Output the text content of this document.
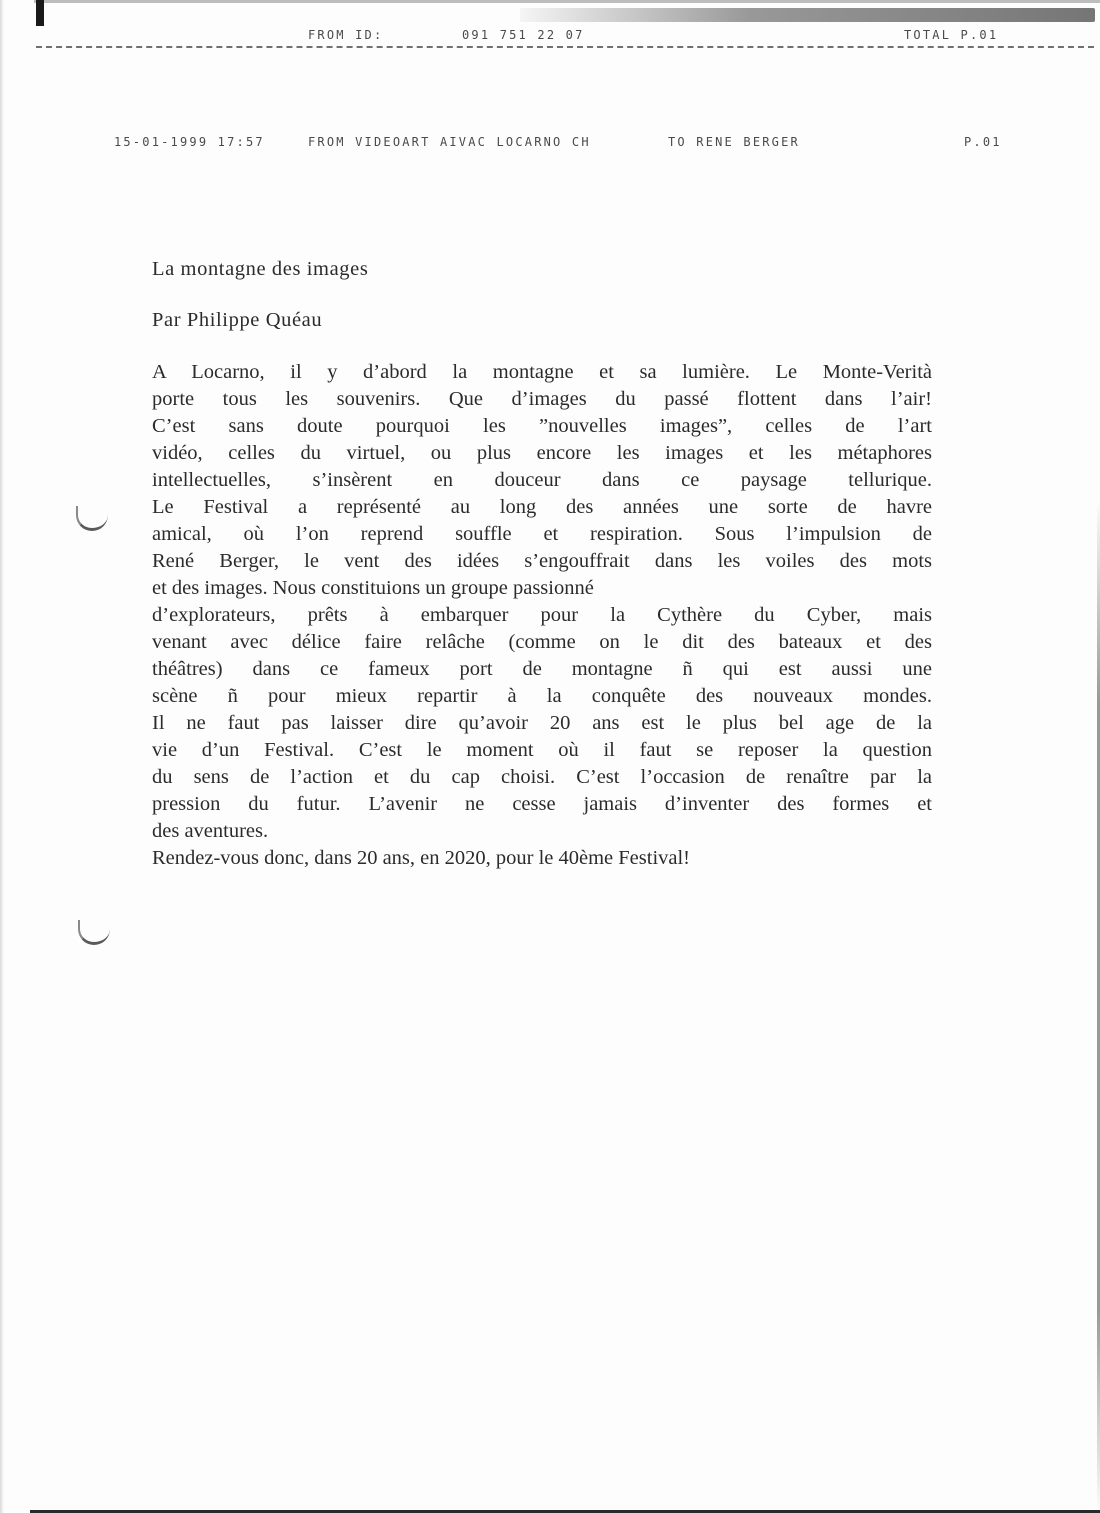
FROM ID:	091 751 22 07	TOTAL P.01
15-01-1999 17:57	FROM VIDEOART AIVAC LOCARNO CH	TO RENE BERGER	P.01
La montagne des images
Par Philippe Quéau
A Locarno, il y d’abord la montagne et sa lumière. Le Monte-Verità
porte tous les souvenirs. Que d’images du passé flottent dans l’air!
C’est sans doute pourquoi les ”nouvelles images”, celles de l’art
vidéo, celles du virtuel, ou plus encore les images et les métaphores
intellectuelles, s’insèrent en douceur dans ce paysage tellurique.
Le Festival a représenté au long des années une sorte de havre
amical, où l’on reprend souffle et respiration. Sous l’impulsion de
René Berger, le vent des idées s’engouffrait dans les voiles des mots
et des images. Nous constituions un groupe passionné
d’explorateurs, prêts à embarquer pour la Cythère du Cyber, mais
venant avec délice faire relâche (comme on le dit des bateaux et des
théâtres) dans ce fameux port de montagne ñ qui est aussi une
scène ñ pour mieux repartir à la conquête des nouveaux mondes.
Il ne faut pas laisser dire qu’avoir 20 ans est le plus bel age de la
vie d’un Festival. C’est le moment où il faut se reposer la question
du sens de l’action et du cap choisi. C’est l’occasion de renaître par la
pression du futur. L’avenir ne cesse jamais d’inventer des formes et
des aventures.
Rendez-vous donc, dans 20 ans, en 2020, pour le 40ème Festival!
